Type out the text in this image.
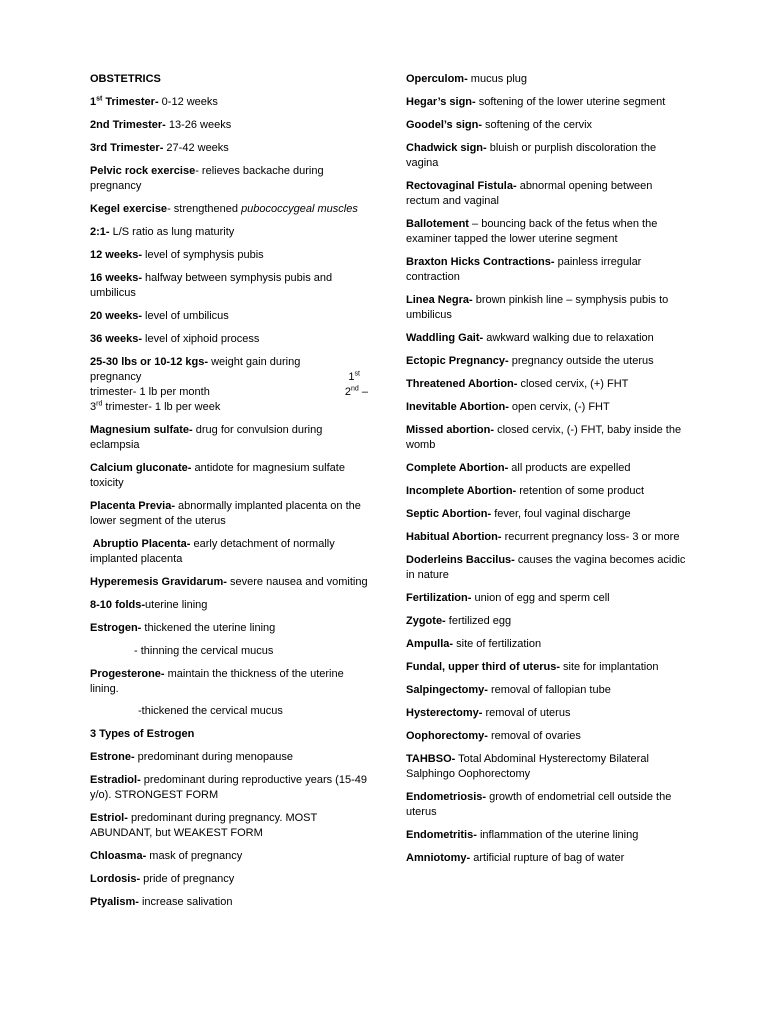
OBSTETRICS
1st Trimester- 0-12 weeks
2nd Trimester- 13-26 weeks
3rd Trimester- 27-42 weeks
Pelvic rock exercise- relieves backache during pregnancy
Kegel exercise- strengthened pubococcygeal muscles
2:1- L/S ratio as lung maturity
12 weeks- level of symphysis pubis
16 weeks- halfway between symphysis pubis and umbilicus
20 weeks- level of umbilicus
36 weeks- level of xiphoid process
25-30 lbs or 10-12 kgs- weight gain during
pregnancy	1st
trimester- 1 lb per month	2nd –
3rd trimester- 1 lb per week
Magnesium sulfate- drug for convulsion during eclampsia
Calcium gluconate- antidote for magnesium sulfate toxicity
Placenta Previa- abnormally implanted placenta on the lower segment of the uterus
Abruptio Placenta- early detachment of normally implanted placenta
Hyperemesis Gravidarum- severe nausea and vomiting
8-10 folds-uterine lining
Estrogen- thickened the uterine lining
- thinning the cervical mucus
Progesterone- maintain the thickness of the uterine lining.
-thickened the cervical mucus
3 Types of Estrogen
Estrone- predominant during menopause
Estradiol- predominant during reproductive years (15-49 y/o). STRONGEST FORM
Estriol- predominant during pregnancy. MOST ABUNDANT, but WEAKEST FORM
Chloasma- mask of pregnancy
Lordosis- pride of pregnancy
Ptyalism- increase salivation
Operculom- mucus plug
Hegar’s sign- softening of the lower uterine segment
Goodel’s sign- softening of the cervix
Chadwick sign- bluish or purplish discoloration the vagina
Rectovaginal Fistula- abnormal opening between rectum and vaginal
Ballotement – bouncing back of the fetus when the examiner tapped the lower uterine segment
Braxton Hicks Contractions- painless irregular contraction
Linea Negra- brown pinkish line – symphysis pubis to umbilicus
Waddling Gait- awkward walking due to relaxation
Ectopic Pregnancy- pregnancy outside the uterus
Threatened Abortion- closed cervix, (+) FHT
Inevitable Abortion- open cervix, (-) FHT
Missed abortion- closed cervix, (-) FHT, baby inside the womb
Complete Abortion- all products are expelled
Incomplete Abortion- retention of some product
Septic Abortion- fever, foul vaginal discharge
Habitual Abortion- recurrent pregnancy loss- 3 or more
Doderleins Baccilus- causes the vagina becomes acidic in nature
Fertilization- union of egg and sperm cell
Zygote- fertilized egg
Ampulla- site of fertilization
Fundal, upper third of uterus- site for implantation
Salpingectomy- removal of fallopian tube
Hysterectomy- removal of uterus
Oophorectomy- removal of ovaries
TAHBSO- Total Abdominal Hysterectomy Bilateral Salphingo Oophorectomy
Endometriosis- growth of endometrial cell outside the uterus
Endometritis- inflammation of the uterine lining
Amniotomy- artificial rupture of bag of water
